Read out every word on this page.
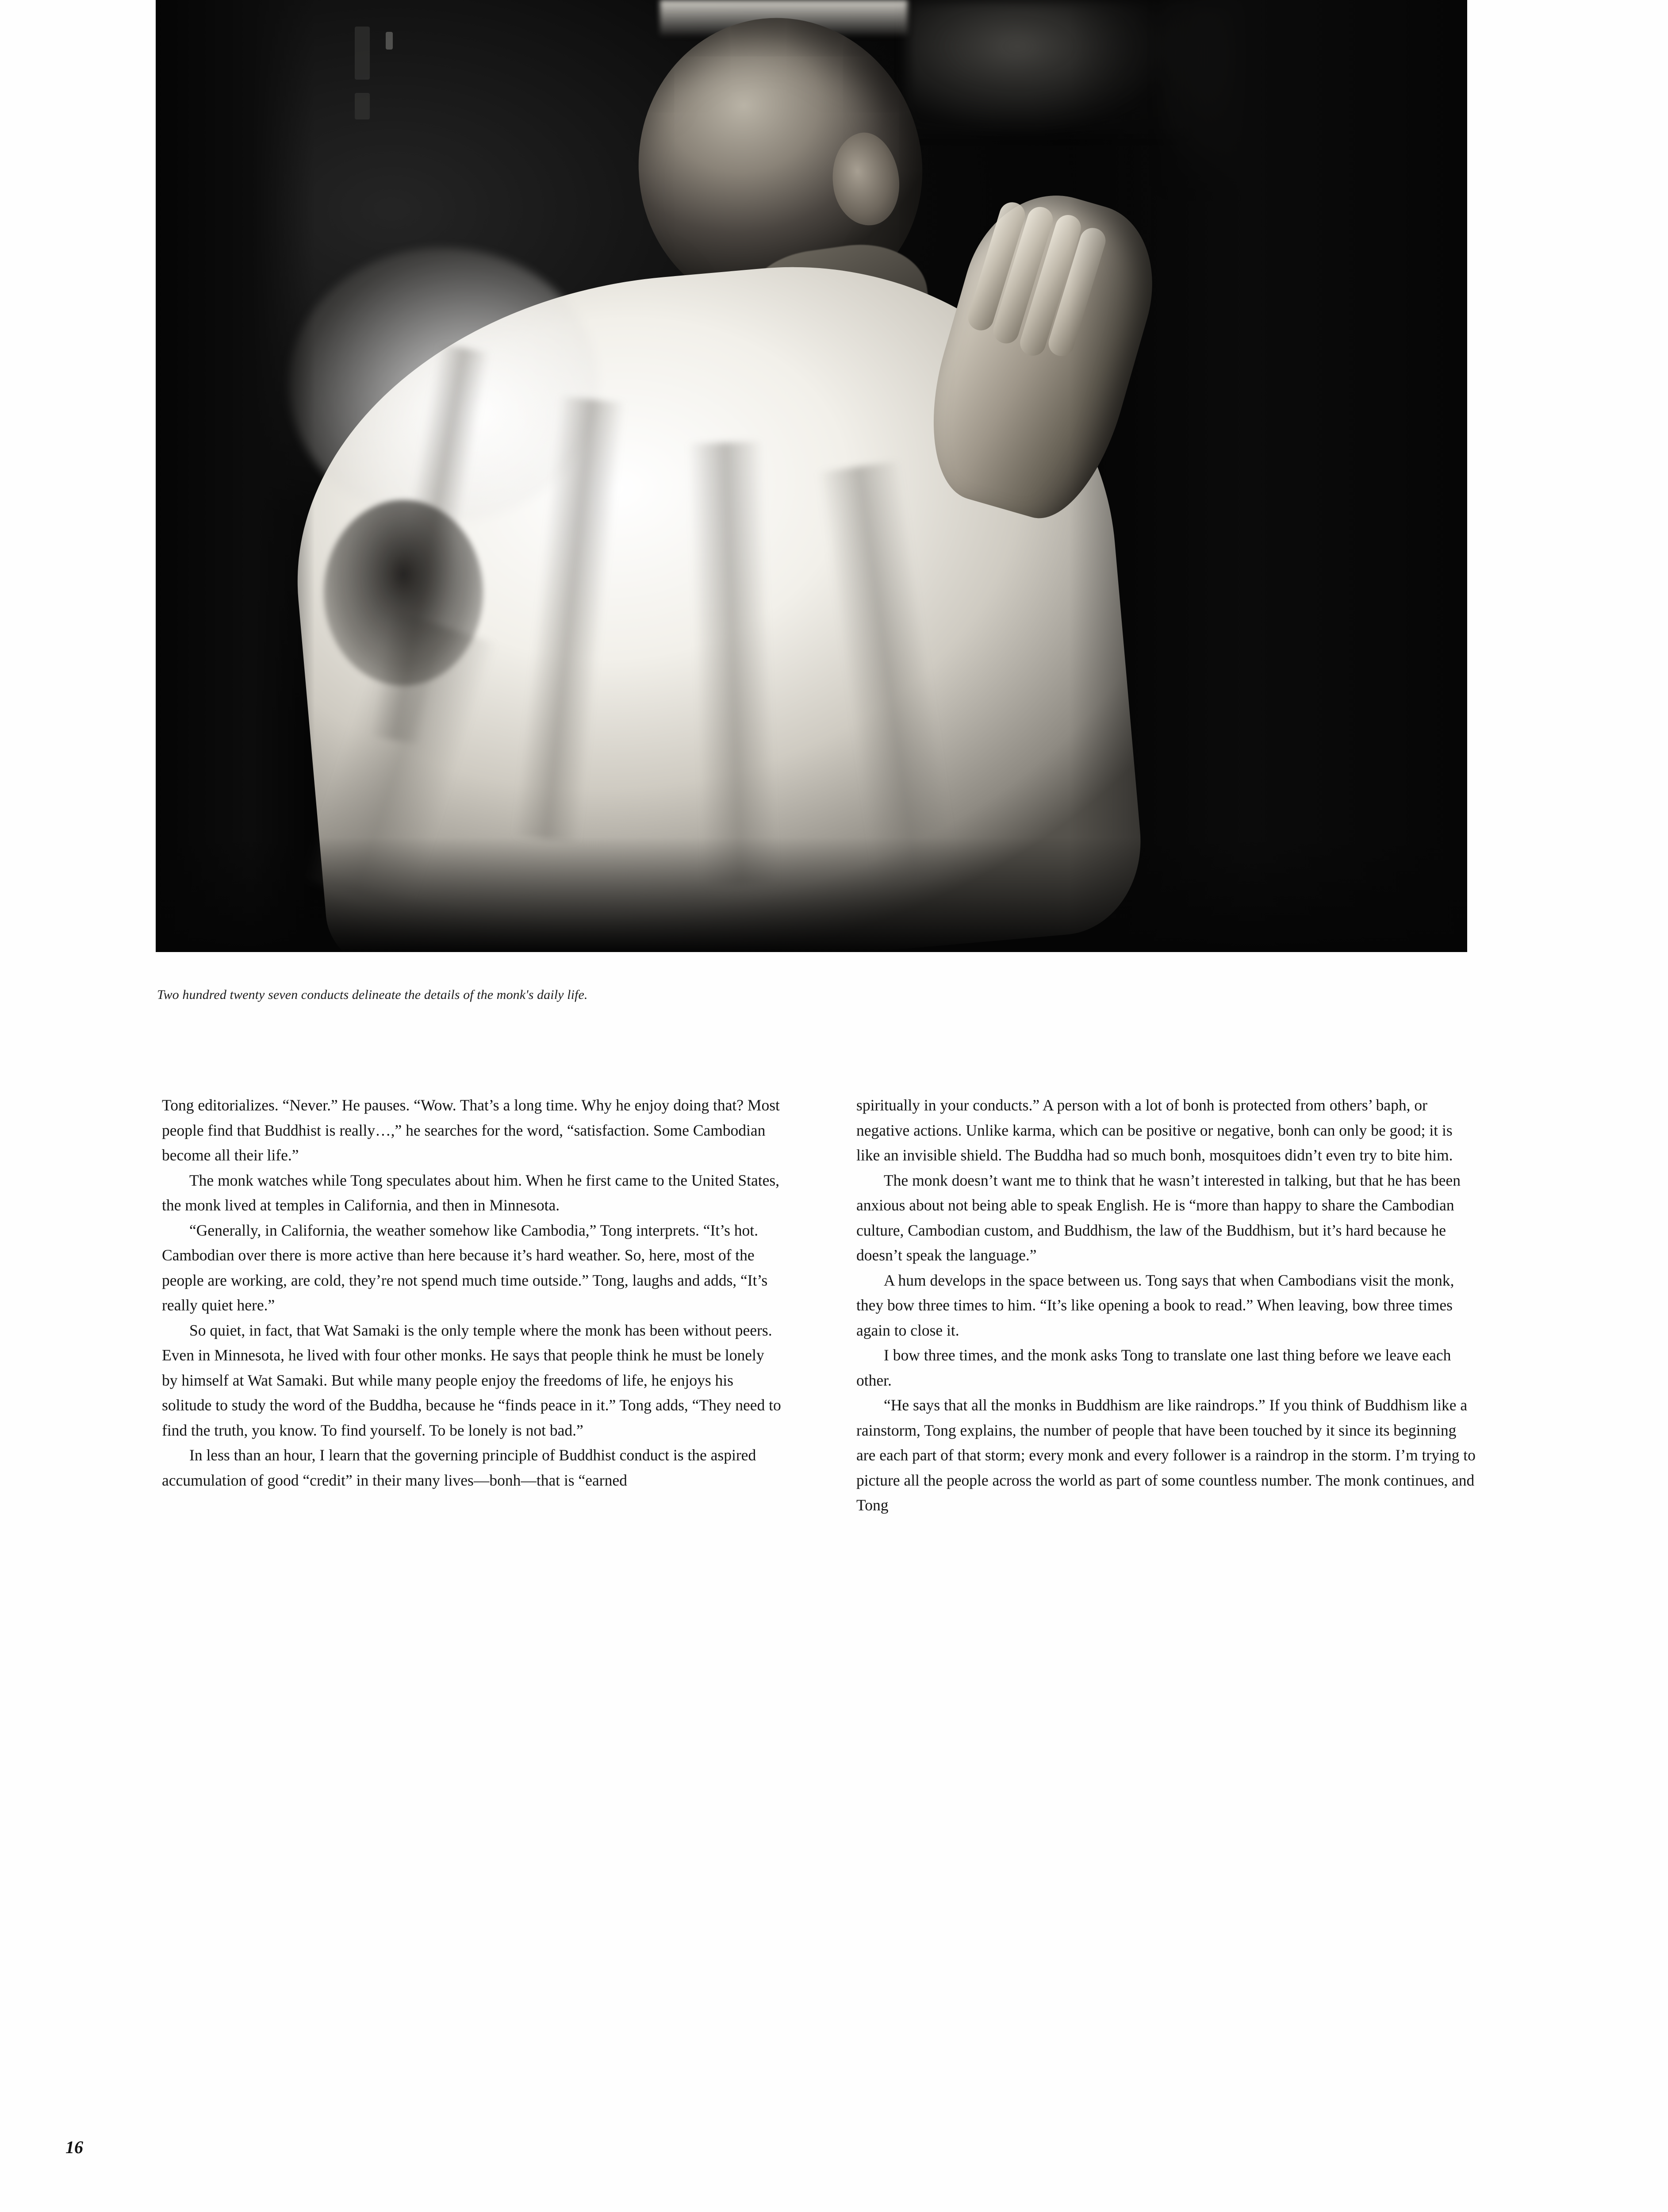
Two hundred twenty seven conducts delineate the details of the monk's daily life.

Tong editorializes. “Never.” He pauses. “Wow. That’s a long time. Why he enjoy doing that? Most people find that Buddhist is really…,” he searches for the word, “satisfaction. Some Cambodian become all their life.”

The monk watches while Tong speculates about him. When he first came to the United States, the monk lived at temples in California, and then in Minnesota.

“Generally, in California, the weather somehow like Cambodia,” Tong interprets. “It’s hot. Cambodian over there is more active than here because it’s hard weather. So, here, most of the people are working, are cold, they’re not spend much time outside.” Tong, laughs and adds, “It’s really quiet here.”

So quiet, in fact, that Wat Samaki is the only temple where the monk has been without peers. Even in Minnesota, he lived with four other monks. He says that people think he must be lonely by himself at Wat Samaki. But while many people enjoy the freedoms of life, he enjoys his solitude to study the word of the Buddha, because he “finds peace in it.” Tong adds, “They need to find the truth, you know. To find yourself. To be lonely is not bad.”

In less than an hour, I learn that the governing principle of Buddhist conduct is the aspired accumulation of good “credit” in their many lives—bonh—that is “earned

spiritually in your conducts.” A person with a lot of bonh is protected from others’ baph, or negative actions. Unlike karma, which can be positive or negative, bonh can only be good; it is like an invisible shield. The Buddha had so much bonh, mosquitoes didn’t even try to bite him.

The monk doesn’t want me to think that he wasn’t interested in talking, but that he has been anxious about not being able to speak English. He is “more than happy to share the Cambodian culture, Cambodian custom, and Buddhism, the law of the Buddhism, but it’s hard because he doesn’t speak the language.”

A hum develops in the space between us. Tong says that when Cambodians visit the monk, they bow three times to him. “It’s like opening a book to read.” When leaving, bow three times again to close it.

I bow three times, and the monk asks Tong to translate one last thing before we leave each other.

“He says that all the monks in Buddhism are like raindrops.” If you think of Buddhism like a rainstorm, Tong explains, the number of people that have been touched by it since its beginning are each part of that storm; every monk and every follower is a raindrop in the storm. I’m trying to picture all the people across the world as part of some countless number. The monk continues, and Tong

16
